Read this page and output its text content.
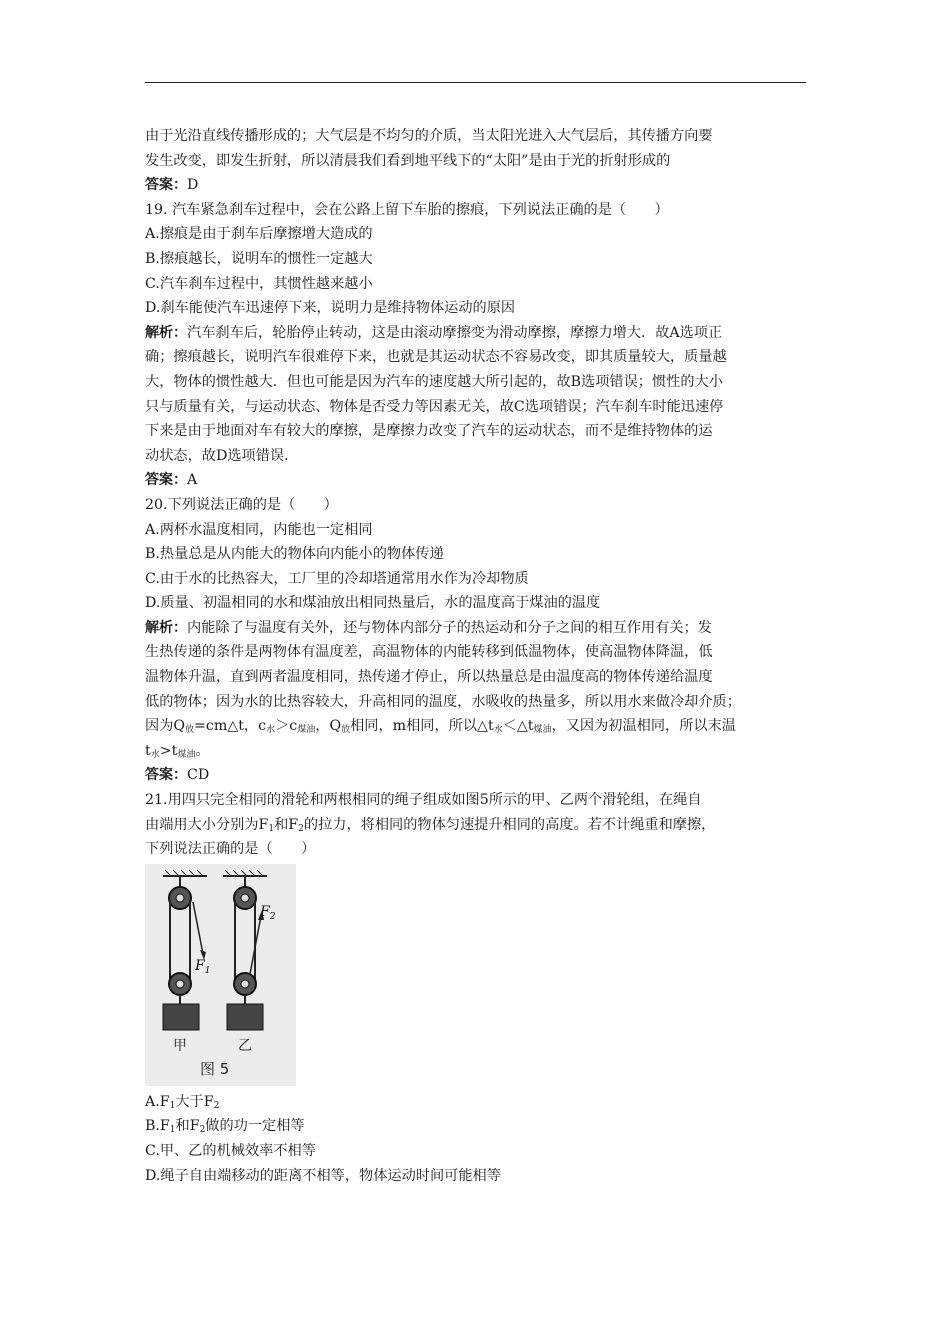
由于光沿直线传播形成的；大气层是不均匀的介质，当太阳光进入大气层后，其传播方向要
发生改变，即发生折射，所以清晨我们看到地平线下的“太阳”是由于光的折射形成的
答案：D
19. 汽车紧急刹车过程中，会在公路上留下车胎的擦痕，下列说法正确的是（　　）
A.擦痕是由于刹车后摩擦增大造成的
B.擦痕越长，说明车的惯性一定越大
C.汽车刹车过程中，其惯性越来越小
D.刹车能使汽车迅速停下来，说明力是维持物体运动的原因
解析：汽车刹车后，轮胎停止转动，这是由滚动摩擦变为滑动摩擦，摩擦力增大．故A选项正
确；擦痕越长，说明汽车很难停下来，也就是其运动状态不容易改变，即其质量较大，质量越
大，物体的惯性越大．但也可能是因为汽车的速度越大所引起的，故B选项错误；惯性的大小
只与质量有关，与运动状态、物体是否受力等因素无关，故C选项错误；汽车刹车时能迅速停
下来是由于地面对车有较大的摩擦，是摩擦力改变了汽车的运动状态，而不是维持物体的运
动状态，故D选项错误．
答案：A
20.下列说法正确的是（　　）
A.两杯水温度相同，内能也一定相同
B.热量总是从内能大的物体向内能小的物体传递
C.由于水的比热容大，工厂里的冷却塔通常用水作为冷却物质
D.质量、初温相同的水和煤油放出相同热量后，水的温度高于煤油的温度
解析：内能除了与温度有关外，还与物体内部分子的热运动和分子之间的相互作用有关；发
生热传递的条件是两物体有温度差，高温物体的内能转移到低温物体，使高温物体降温，低
温物体升温，直到两者温度相同，热传递才停止，所以热量总是由温度高的物体传递给温度
低的物体；因为水的比热容较大，升高相同的温度，水吸收的热量多，所以用水来做冷却介质；
因为$Q_放=cm\triangle t$，$c_水>c_{煤油}$，$Q_放$相同，m相同，所以$\triangle t_水<\triangle t_{煤油}$，又因为初温相同，所以末温
$t_水>t_{煤油}$。
答案：CD
21.用四只完全相同的滑轮和两根相同的绳子组成如图5所示的甲、乙两个滑轮组，在绳自
由端用大小分别为$F_1$和$F_2$的拉力，将相同的物体匀速提升相同的高度。若不计绳重和摩擦，
下列说法正确的是（　　）
$F_1$
$F_2$
甲	乙
图 5
$A.F_1$大于$F_2$
$B.F_1$和$F_2$做的功一定相等
C.甲、乙的机械效率不相等
D.绳子自由端移动的距离不相等，物体运动时间可能相等
